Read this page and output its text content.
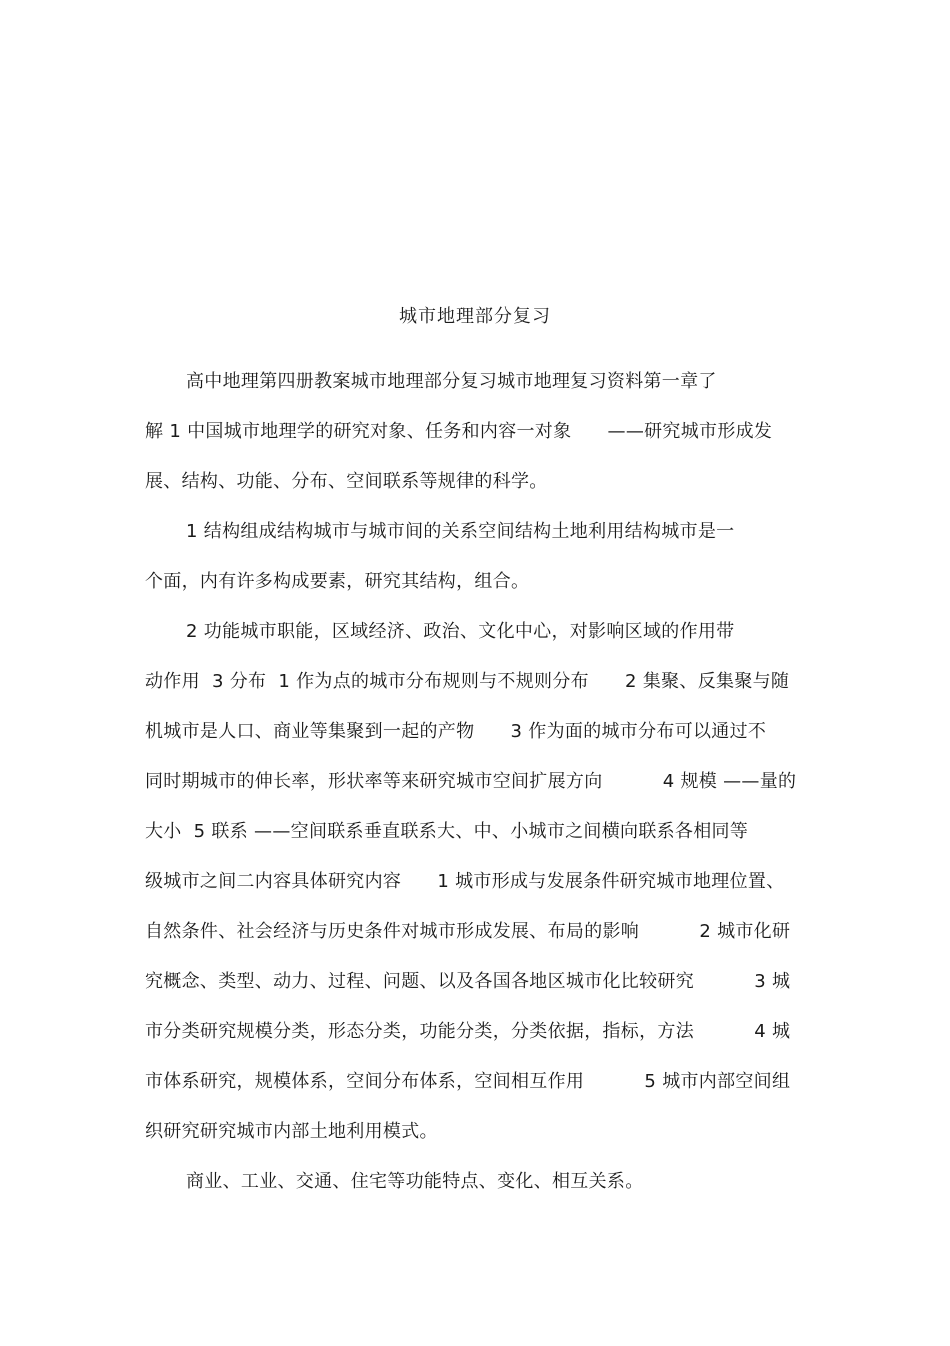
城市地理部分复习
高中地理第四册教案城市地理部分复习城市地理复习资料第一章了
解 1 中国城市地理学的研究对象、任务和内容一对象      ——研究城市形成发
展、结构、功能、分布、空间联系等规律的科学。
1 结构组成结构城市与城市间的关系空间结构土地利用结构城市是一
个面，内有许多构成要素，研究其结构，组合。
2 功能城市职能，区域经济、政治、文化中心，对影响区域的作用带
动作用  3 分布  1 作为点的城市分布规则与不规则分布      2 集聚、反集聚与随
机城市是人口、商业等集聚到一起的产物      3 作为面的城市分布可以通过不
同时期城市的伸长率，形状率等来研究城市空间扩展方向          4 规模 ——量的
大小  5 联系 ——空间联系垂直联系大、中、小城市之间横向联系各相同等
级城市之间二内容具体研究内容      1 城市形成与发展条件研究城市地理位置、
自然条件、社会经济与历史条件对城市形成发展、布局的影响          2 城市化研
究概念、类型、动力、过程、问题、以及各国各地区城市化比较研究          3 城
市分类研究规模分类，形态分类，功能分类，分类依据，指标，方法          4 城
市体系研究，规模体系，空间分布体系，空间相互作用          5 城市内部空间组
织研究研究城市内部土地利用模式。
商业、工业、交通、住宅等功能特点、变化、相互关系。
